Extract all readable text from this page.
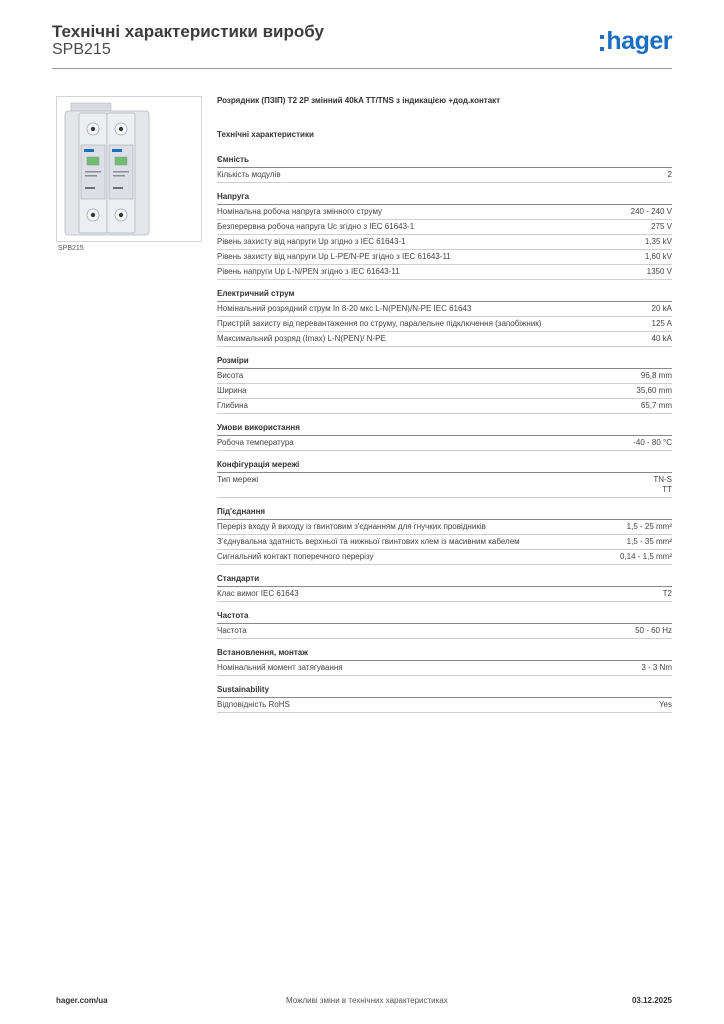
Технічні характеристики виробу
SPB215	hager
SPB215
Розрядник (ПЗІП) Т2 2P змінний 40kA TT/TNS з індикацією +дод.контакт
Технічні характеристики
Ємність
Кількість модулів	2
Напруга
Номінальна робоча напруга змінного струму	240 - 240 V
Безперервна робоча напруга Uc згідно з IEC 61643-1	275 V
Рівень захисту від напруги Up згідно з IEC 61643-1	1,35 kV
Рівень захисту від напруги Up L-PE/N-PE згідно з IEC 61643-11	1,60 kV
Рівень напруги Up L-N/PEN згідно з IEC 61643-11	1350 V
Електричний струм
Номінальний розрядний струм In 8-20 мкс L-N(PEN)/N-PE IEC 61643	20 kA
Пристрій захисту від перевантаження по струму, паралельне підключення (запобіжник)	125 A
Максимальний розряд (Imax) L-N(PEN)/ N-PE	40 kA
Розміри
Висота	96,8 mm
Ширина	35,60 mm
Глибина	65,7 mm
Умови використання
Робоча температура	-40 - 80 °C
Конфігурація мережі
Тип мережі	TN-S
TT
Під'єднання
Переріз входу й виходу із гвинтовим з'єднанням для гнучких провідників	1,5 - 25 mm²
З'єднувальна здатність верхньої та нижньої гвинтових клем із масивним кабелем	1,5 - 35 mm²
Сигнальний контакт поперечного перерізу	0,14 - 1,5 mm²
Стандарти
Клас вимог IEC 61643	T2
Частота
Частота	50 - 60 Hz
Встановлення, монтаж
Номінальний момент затягування	3 - 3 Nm
Sustainability
Відповідність RoHS	Yes
hager.com/ua	Можливі зміни в технічних характеристиках	03.12.2025
